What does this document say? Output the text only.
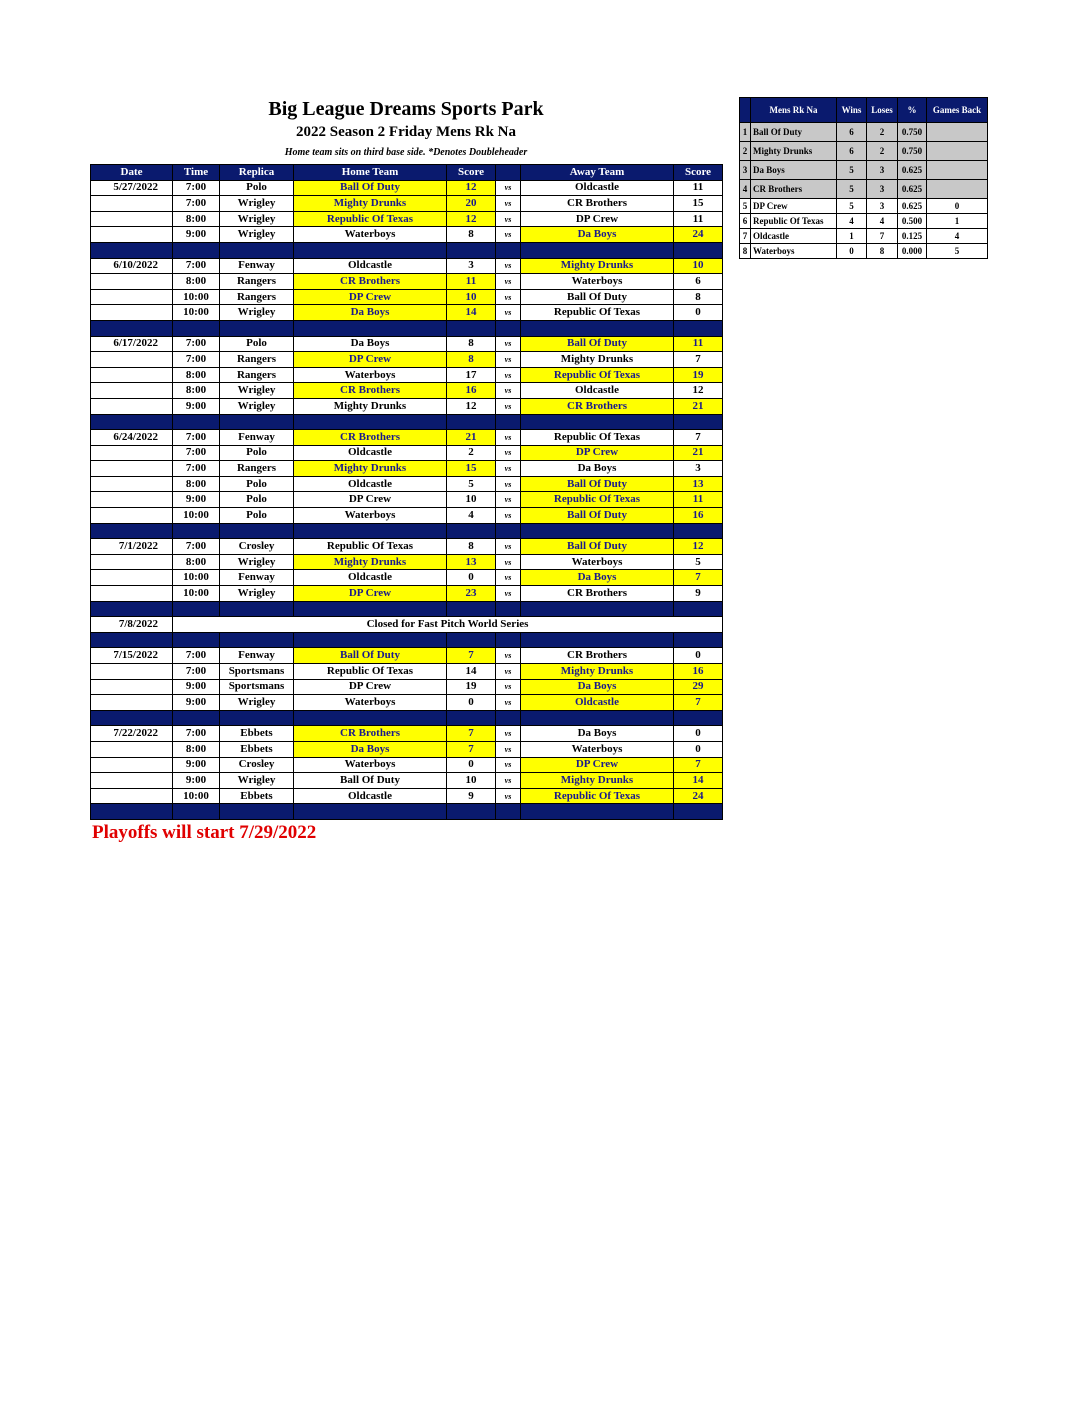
Big League Dreams Sports Park
2022 Season 2 Friday Mens Rk Na
Home team sits on third base side. *Denotes Doubleheader
Date	Time	Replica	Home Team	Score		Away Team	Score
5/27/2022	7:00	Polo	Ball Of Duty	12	vs	Oldcastle	11
	7:00	Wrigley	Mighty Drunks	20	vs	CR Brothers	15
	8:00	Wrigley	Republic Of Texas	12	vs	DP Crew	11
	9:00	Wrigley	Waterboys	8	vs	Da Boys	24

6/10/2022	7:00	Fenway	Oldcastle	3	vs	Mighty Drunks	10
	8:00	Rangers	CR Brothers	11	vs	Waterboys	6
	10:00	Rangers	DP Crew	10	vs	Ball Of Duty	8
	10:00	Wrigley	Da Boys	14	vs	Republic Of Texas	0

6/17/2022	7:00	Polo	Da Boys	8	vs	Ball Of Duty	11
	7:00	Rangers	DP Crew	8	vs	Mighty Drunks	7
	8:00	Rangers	Waterboys	17	vs	Republic Of Texas	19
	8:00	Wrigley	CR Brothers	16	vs	Oldcastle	12
	9:00	Wrigley	Mighty Drunks	12	vs	CR Brothers	21

6/24/2022	7:00	Fenway	CR Brothers	21	vs	Republic Of Texas	7
	7:00	Polo	Oldcastle	2	vs	DP Crew	21
	7:00	Rangers	Mighty Drunks	15	vs	Da Boys	3
	8:00	Polo	Oldcastle	5	vs	Ball Of Duty	13
	9:00	Polo	DP Crew	10	vs	Republic Of Texas	11
	10:00	Polo	Waterboys	4	vs	Ball Of Duty	16

7/1/2022	7:00	Crosley	Republic Of Texas	8	vs	Ball Of Duty	12
	8:00	Wrigley	Mighty Drunks	13	vs	Waterboys	5
	10:00	Fenway	Oldcastle	0	vs	Da Boys	7
	10:00	Wrigley	DP Crew	23	vs	CR Brothers	9

7/8/2022	Closed for Fast Pitch World Series						

7/15/2022	7:00	Fenway	Ball Of Duty	7	vs	CR Brothers	0
	7:00	Sportsmans	Republic Of Texas	14	vs	Mighty Drunks	16
	9:00	Sportsmans	DP Crew	19	vs	Da Boys	29
	9:00	Wrigley	Waterboys	0	vs	Oldcastle	7

7/22/2022	7:00	Ebbets	CR Brothers	7	vs	Da Boys	0
	8:00	Ebbets	Da Boys	7	vs	Waterboys	0
	9:00	Crosley	Waterboys	0	vs	DP Crew	7
	9:00	Wrigley	Ball Of Duty	10	vs	Mighty Drunks	14
	10:00	Ebbets	Oldcastle	9	vs	Republic Of Texas	24

	Mens Rk Na	Wins	Loses	%	Games Back
1	Ball Of Duty	6	2	0.750	
2	Mighty Drunks	6	2	0.750	
3	Da Boys	5	3	0.625	
4	CR Brothers	5	3	0.625	
5	DP Crew	5	3	0.625	0
6	Republic Of Texas	4	4	0.500	1
7	Oldcastle	1	7	0.125	4
8	Waterboys	0	8	0.000	5
Playoffs will start 7/29/2022
